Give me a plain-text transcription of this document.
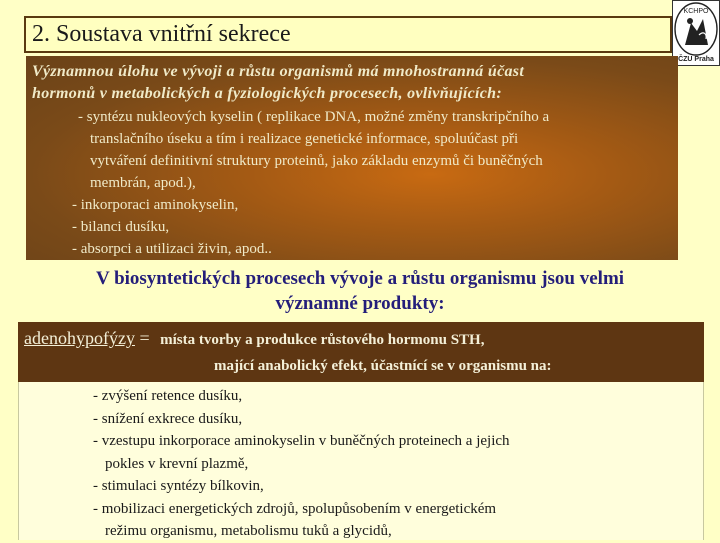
2. Soustava vnitřní sekrece
KCHPO
ČZU Praha
Významnou úlohu ve vývoji a růstu organismů má mnohostranná účast
hormonů v metabolických a fyziologických procesech, ovlivňujících:
- syntézu nukleových kyselin ( replikace DNA, možné změny transkripčního a
translačního úseku a tím i realizace genetické informace, spoluúčast při
vytváření definitivní struktury proteinů, jako základu enzymů či buněčných
membrán, apod.),
- inkorporaci aminokyselin,
- bilanci dusíku,
- absorpci a utilizaci živin, apod..
V biosyntetických procesech vývoje a růstu organismu jsou velmi
významné produkty:
adenohypofýzy = místa tvorby a produkce růstového hormonu STH,
mající anabolický efekt, účastnící se v organismu na:
- zvýšení retence dusíku,
- snížení exkrece dusíku,
- vzestupu inkorporace aminokyselin v buněčných proteinech a jejich
pokles v krevní plazmě,
- stimulaci syntézy bílkovin,
- mobilizaci energetických zdrojů, spolupůsobením v energetickém
režimu organismu, metabolismu tuků a glycidů,
